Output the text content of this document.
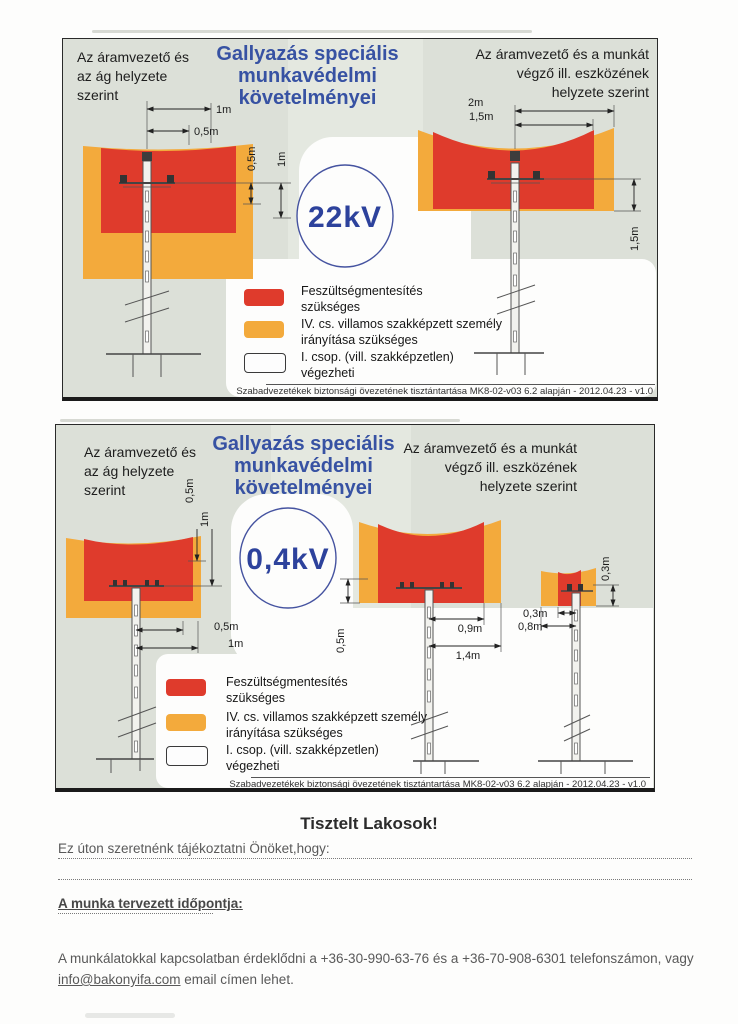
1m
0,5m
0,5m 1m
2m
1,5m
1,5m
22kV
Az áramvezető és
az ág helyzete
szerint
Gallyazás speciális
munkavédelmi
követelményei
Az áramvezető és a munkát
végző ill. eszközének
helyzete szerint
Feszültségmentesítés
szükséges
IV. cs. villamos szakképzett személy
irányítása szükséges
I. csop. (vill. szakképzetlen)
végezheti
Szabadvezetékek biztonsági övezetének tisztántartása MK8-02-v03 6.2 alapján - 2012.04.23 - v1.0
0,5m
1m
0,5m
1m	0,5m	0,9m
1,4m
0,3m
0,8m
0,3m
0,4kV
Az áramvezető és
az ág helyzete
szerint
Gallyazás speciális
munkavédelmi
követelményei
Az áramvezető és a munkát
végző ill. eszközének
helyzete szerint
Feszültségmentesítés
szükséges
IV. cs. villamos szakképzett személy
irányítása szükséges
I. csop. (vill. szakképzetlen)
végezheti
Szabadvezetékek biztonsági övezetének tisztántartása MK8-02-v03 6.2 alapján - 2012.04.23 - v1.0
Tisztelt Lakosok!
Ez úton szeretnénk tájékoztatni Önöket,hogy:
A munka tervezett időpontja:
A munkálatokkal kapcsolatban érdeklődni a +36-30-990-63-76 és a +36-70-908-6301 telefonszámon, vagy
info@bakonyifa.com email címen lehet.
